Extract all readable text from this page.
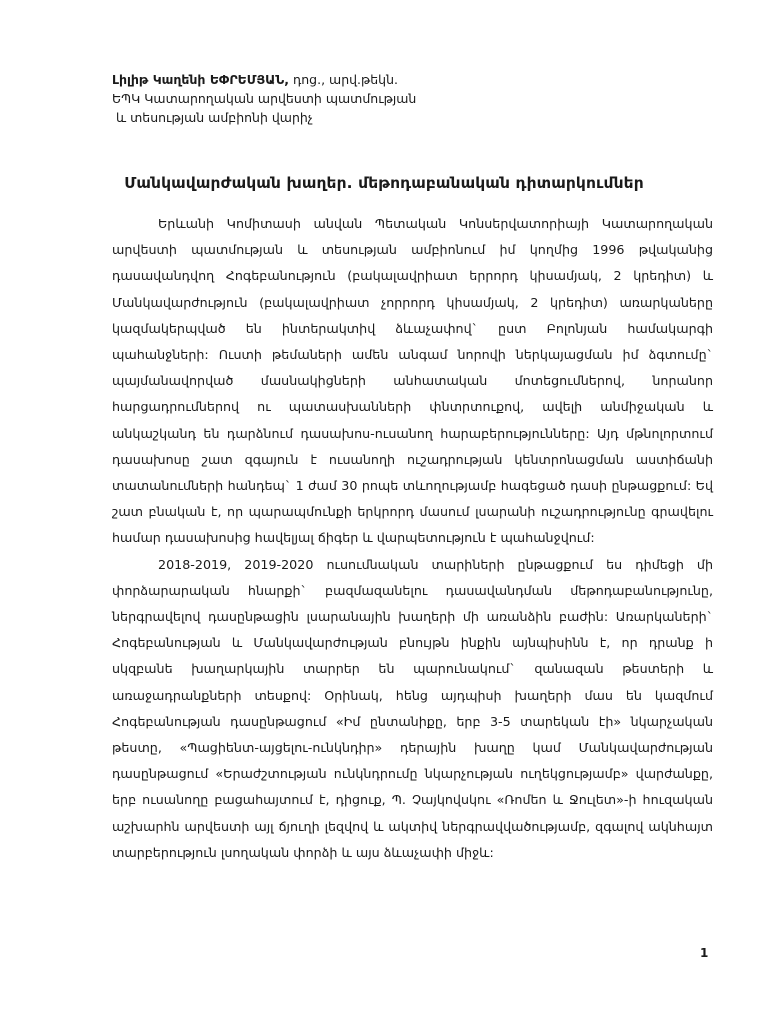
Լիլիթ Կաղենի ԵՓՐԵՄՅԱՆ, դոց., արվ.թեկն.
ԵՊԿ Կատարողական արվեստի պատմության
և տեսության ամբիոնի վարիչ
Մանկավարժական խաղեր. մեթոդաբանական դիտարկումներ

Երևանի Կոմիտասի անվան Պետական Կոնսերվատորիայի Կատարողական արվեստի պատմության և տեսության ամբիոնում իմ կողմից 1996 թվականից դասավանդվող Հոգեբանություն (բակալավրիատ երրորդ կիսամյակ, 2 կրեդիտ) և Մանկավարժություն (բակալավրիատ չորրորդ կիսամյակ, 2 կրեդիտ) առարկաները կազմակերպված են ինտերակտիվ ձևաչափով` ըստ Բոլոնյան համակարգի պահանջների: Ուստի թեմաների ամեն անգամ նորովի ներկայացման իմ ձգտումը` պայմանավորված մասնակիցների անհատական մոտեցումներով, նորանոր հարցադրումներով ու պատասխանների փնտրտուքով, ավելի անմիջական և անկաշկանդ են դարձնում դասախոս-ուսանող հարաբերությունները: Այդ մթնոլորտում դասախոսը շատ զգայուն է ուսանողի ուշադրության կենտրոնացման աստիճանի տատանումների հանդեպ` 1 ժամ 30 րոպե տևողությամբ հագեցած դասի ընթացքում: Եվ շատ բնական է, որ պարապմունքի երկրորդ մասում լսարանի ուշադրությունը գրավելու համար դասախոսից հավելյալ ճիգեր և վարպետություն է պահանջվում:

2018-2019, 2019-2020 ուսումնական տարիների ընթացքում ես դիմեցի մի փորձարարական հնարքի` բազմազանելու դասավանդման մեթոդաբանությունը, ներգրավելով դասընթացին լսարանային խաղերի մի առանձին բաժին: Առարկաների` Հոգեբանության և Մանկավարժության բնույթն ինքին այնպիսինն է, որ դրանք ի սկզբանե խաղարկային տարրեր են պարունակում` զանազան թեստերի և առաջադրանքների տեսքով: Օրինակ, հենց այդպիսի խաղերի մաս են կազմում Հոգեբանության դասընթացում «Իմ ընտանիքը, երբ 3-5 տարեկան էի» նկարչական թեստը, «Պացիենտ-այցելու-ունկնդիր» դերային խաղը կամ Մանկավարժության դասընթացում «Երաժշտության ունկնդրումը նկարչության ուղեկցությամբ» վարժանքը, երբ ուսանողը բացահայտում է, դիցուք, Պ. Չայկովսկու «Ռոմեո և Ջուլետ»-ի հուզական աշխարհն արվեստի այլ ճյուղի լեզվով և ակտիվ ներգրավվածությամբ, զգալով ակնհայտ տարբերություն լսողական փորձի և այս ձևաչափի միջև:

1
